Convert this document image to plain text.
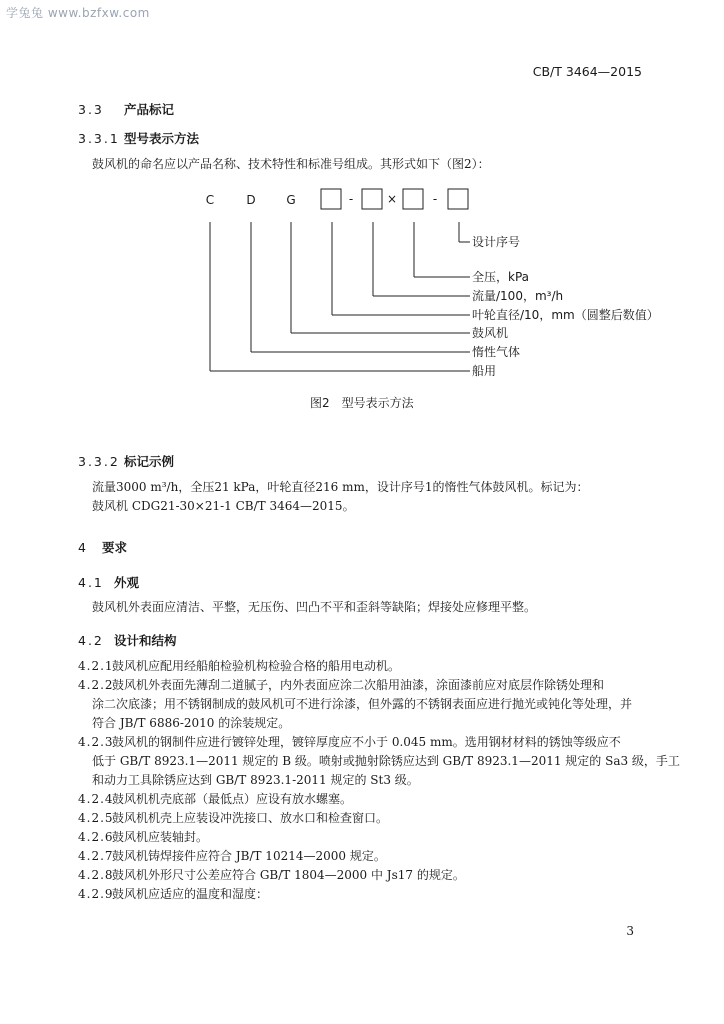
学兔兔 www.bzfxw.com
CB/T 3464—2015
3.3 产品标记
3.3.1 型号表示方法
鼓风机的命名应以产品名称、技术特性和标准号组成。其形式如下（图2）：
C	D	G	-	×	-
设计序号
全压，kPa
流量/100，m³/h
叶轮直径/10，mm（圆整后数值）
鼓风机
惰性气体
船用
图2　型号表示方法
3.3.2 标记示例
流量3000 m³/h，全压21 kPa，叶轮直径216 mm，设计序号1的惰性气体鼓风机。标记为：
鼓风机 CDG21-30×21-1 CB/T 3464—2015。
4 要求
4.1 外观
鼓风机外表面应清洁、平整，无压伤、凹凸不平和歪斜等缺陷；焊接处应修理平整。
4.2 设计和结构
4.2.1鼓风机应配用经船舶检验机构检验合格的船用电动机。
4.2.2鼓风机外表面先薄刮二道腻子，内外表面应涂二次船用油漆，涂面漆前应对底层作除锈处理和
涂二次底漆；用不锈钢制成的鼓风机可不进行涂漆，但外露的不锈钢表面应进行抛光或钝化等处理，并
符合 JB/T 6886-2010 的涂装规定。
4.2.3鼓风机的钢制件应进行镀锌处理，镀锌厚度应不小于 0.045 mm。选用钢材材料的锈蚀等级应不
低于 GB/T 8923.1—2011 规定的 B 级。喷射或抛射除锈应达到 GB/T 8923.1—2011 规定的 Sa3 级，手工
和动力工具除锈应达到 GB/T 8923.1-2011 规定的 St3 级。
4.2.4鼓风机机壳底部（最低点）应设有放水螺塞。
4.2.5鼓风机机壳上应装设冲洗接口、放水口和检查窗口。
4.2.6鼓风机应装轴封。
4.2.7鼓风机铸焊接件应符合 JB/T 10214—2000 规定。
4.2.8鼓风机外形尺寸公差应符合 GB/T 1804—2000 中 Js17 的规定。
4.2.9鼓风机应适应的温度和湿度：
3
